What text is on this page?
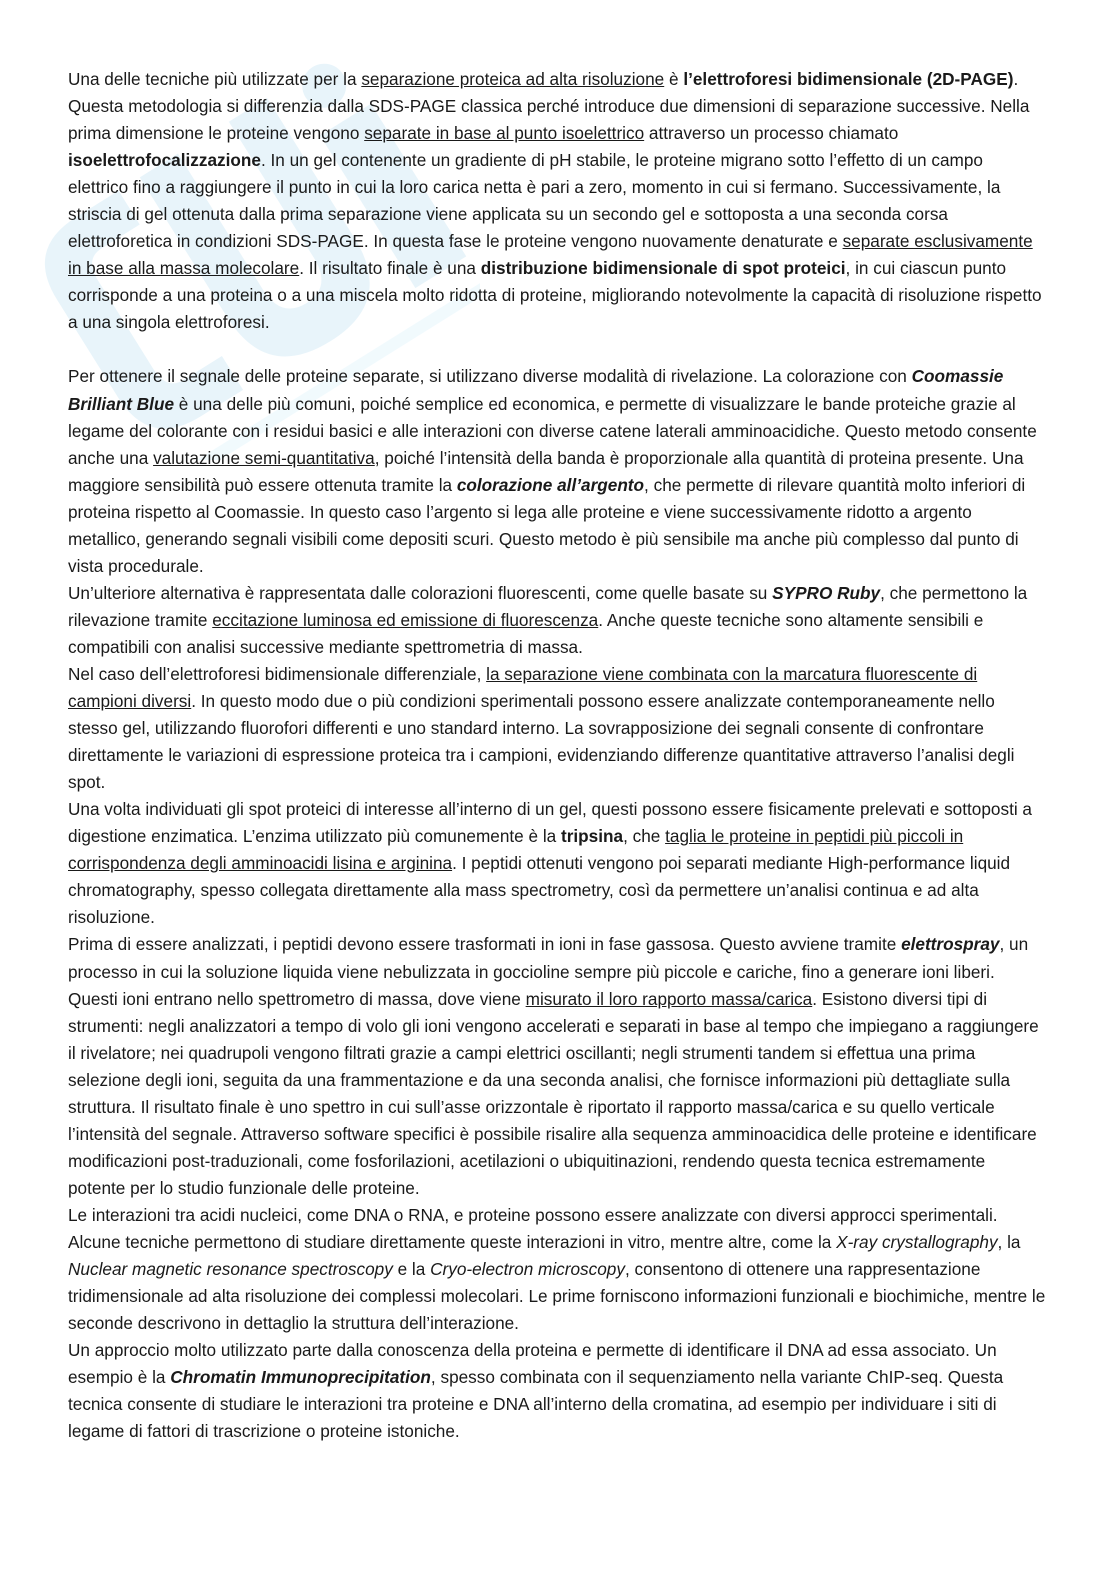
Una delle tecniche più utilizzate per la separazione proteica ad alta risoluzione è l’elettroforesi bidimensionale (2D-PAGE). Questa metodologia si differenzia dalla SDS-PAGE classica perché introduce due dimensioni di separazione successive. Nella prima dimensione le proteine vengono separate in base al punto isoelettrico attraverso un processo chiamato isoelettrofocalizzazione. In un gel contenente un gradiente di pH stabile, le proteine migrano sotto l’effetto di un campo elettrico fino a raggiungere il punto in cui la loro carica netta è pari a zero, momento in cui si fermano. Successivamente, la striscia di gel ottenuta dalla prima separazione viene applicata su un secondo gel e sottoposta a una seconda corsa elettroforetica in condizioni SDS-PAGE. In questa fase le proteine vengono nuovamente denaturate e separate esclusivamente in base alla massa molecolare. Il risultato finale è una distribuzione bidimensionale di spot proteici, in cui ciascun punto corrisponde a una proteina o a una miscela molto ridotta di proteine, migliorando notevolmente la capacità di risoluzione rispetto a una singola elettroforesi.

Per ottenere il segnale delle proteine separate, si utilizzano diverse modalità di rivelazione. La colorazione con Coomassie Brilliant Blue è una delle più comuni, poiché semplice ed economica, e permette di visualizzare le bande proteiche grazie al legame del colorante con i residui basici e alle interazioni con diverse catene laterali amminoacidiche. Questo metodo consente anche una valutazione semi-quantitativa, poiché l’intensità della banda è proporzionale alla quantità di proteina presente. Una maggiore sensibilità può essere ottenuta tramite la colorazione all’argento, che permette di rilevare quantità molto inferiori di proteina rispetto al Coomassie. In questo caso l’argento si lega alle proteine e viene successivamente ridotto a argento metallico, generando segnali visibili come depositi scuri. Questo metodo è più sensibile ma anche più complesso dal punto di vista procedurale.

Un’ulteriore alternativa è rappresentata dalle colorazioni fluorescenti, come quelle basate su SYPRO Ruby, che permettono la rilevazione tramite eccitazione luminosa ed emissione di fluorescenza. Anche queste tecniche sono altamente sensibili e compatibili con analisi successive mediante spettrometria di massa.

Nel caso dell’elettroforesi bidimensionale differenziale, la separazione viene combinata con la marcatura fluorescente di campioni diversi. In questo modo due o più condizioni sperimentali possono essere analizzate contemporaneamente nello stesso gel, utilizzando fluorofori differenti e uno standard interno. La sovrapposizione dei segnali consente di confrontare direttamente le variazioni di espressione proteica tra i campioni, evidenziando differenze quantitative attraverso l’analisi degli spot.

Una volta individuati gli spot proteici di interesse all’interno di un gel, questi possono essere fisicamente prelevati e sottoposti a digestione enzimatica. L’enzima utilizzato più comunemente è la tripsina, che taglia le proteine in peptidi più piccoli in corrispondenza degli amminoacidi lisina e arginina. I peptidi ottenuti vengono poi separati mediante High-performance liquid chromatography, spesso collegata direttamente alla mass spectrometry, così da permettere un’analisi continua e ad alta risoluzione.

Prima di essere analizzati, i peptidi devono essere trasformati in ioni in fase gassosa. Questo avviene tramite elettrospray, un processo in cui la soluzione liquida viene nebulizzata in goccioline sempre più piccole e cariche, fino a generare ioni liberi. Questi ioni entrano nello spettrometro di massa, dove viene misurato il loro rapporto massa/carica. Esistono diversi tipi di strumenti: negli analizzatori a tempo di volo gli ioni vengono accelerati e separati in base al tempo che impiegano a raggiungere il rivelatore; nei quadrupoli vengono filtrati grazie a campi elettrici oscillanti; negli strumenti tandem si effettua una prima selezione degli ioni, seguita da una frammentazione e da una seconda analisi, che fornisce informazioni più dettagliate sulla struttura. Il risultato finale è uno spettro in cui sull’asse orizzontale è riportato il rapporto massa/carica e su quello verticale l’intensità del segnale. Attraverso software specifici è possibile risalire alla sequenza amminoacidica delle proteine e identificare modificazioni post-traduzionali, come fosforilazioni, acetilazioni o ubiquitinazioni, rendendo questa tecnica estremamente potente per lo studio funzionale delle proteine.

Le interazioni tra acidi nucleici, come DNA o RNA, e proteine possono essere analizzate con diversi approcci sperimentali. Alcune tecniche permettono di studiare direttamente queste interazioni in vitro, mentre altre, come la X-ray crystallography, la Nuclear magnetic resonance spectroscopy e la Cryo-electron microscopy, consentono di ottenere una rappresentazione tridimensionale ad alta risoluzione dei complessi molecolari. Le prime forniscono informazioni funzionali e biochimiche, mentre le seconde descrivono in dettaglio la struttura dell’interazione.

Un approccio molto utilizzato parte dalla conoscenza della proteina e permette di identificare il DNA ad essa associato. Un esempio è la Chromatin Immunoprecipitation, spesso combinata con il sequenziamento nella variante ChIP-seq. Questa tecnica consente di studiare le interazioni tra proteine e DNA all’interno della cromatina, ad esempio per individuare i siti di legame di fattori di trascrizione o proteine istoniche.
